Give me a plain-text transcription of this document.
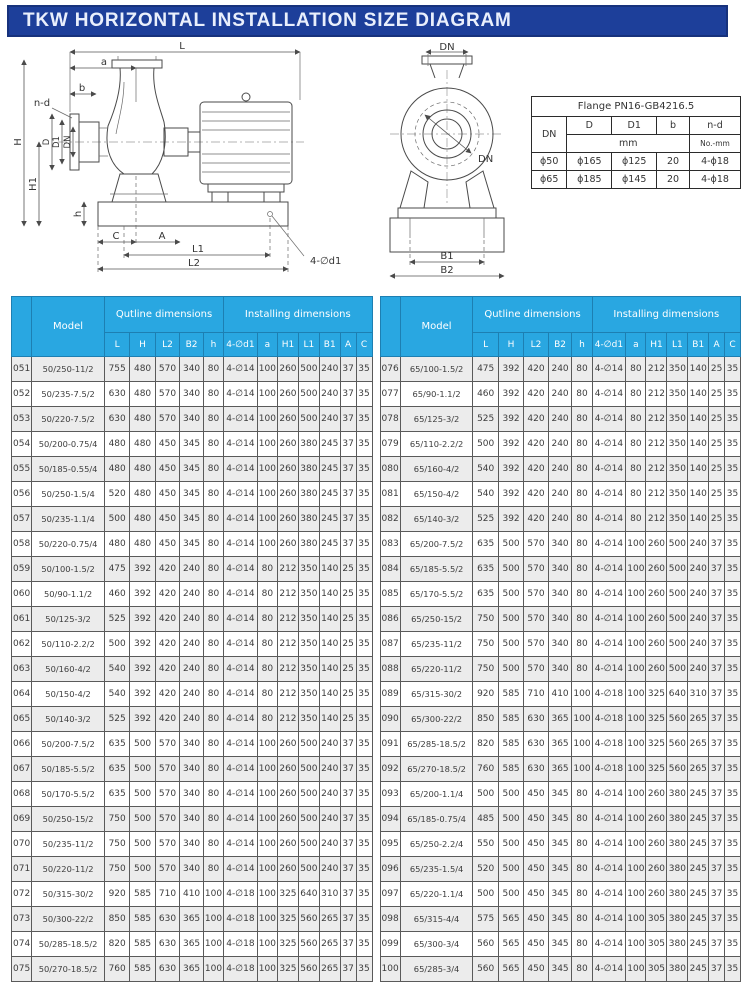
TKW HORIZONTAL INSTALLATION SIZE DIAGRAM
L
a
b
n-d
H
H1
D D1 DN
h
C	A
L1
L2	4-∅d1
DN
DN
B1
B2
Flange PN16-GB4216.5				
DN	D	D1	b	n-d
	mm			No.-mm
ϕ50	ϕ165	ϕ125	20	4-ϕ18
ϕ65	ϕ185	ϕ145	20	4-ϕ18
	Model	Qutline dimensions					Installing dimensions						
		L	H	L2	B2	h	4-∅d1	a	H1	L1	B1	A	C
051	50/250-11/2	755	480	570	340	80	4-∅14	100	260	500	240	37	35
052	50/235-7.5/2	630	480	570	340	80	4-∅14	100	260	500	240	37	35
053	50/220-7.5/2	630	480	570	340	80	4-∅14	100	260	500	240	37	35
054	50/200-0.75/4	480	480	450	345	80	4-∅14	100	260	380	245	37	35
055	50/185-0.55/4	480	480	450	345	80	4-∅14	100	260	380	245	37	35
056	50/250-1.5/4	520	480	450	345	80	4-∅14	100	260	380	245	37	35
057	50/235-1.1/4	500	480	450	345	80	4-∅14	100	260	380	245	37	35
058	50/220-0.75/4	480	480	450	345	80	4-∅14	100	260	380	245	37	35
059	50/100-1.5/2	475	392	420	240	80	4-∅14	80	212	350	140	25	35
060	50/90-1.1/2	460	392	420	240	80	4-∅14	80	212	350	140	25	35
061	50/125-3/2	525	392	420	240	80	4-∅14	80	212	350	140	25	35
062	50/110-2.2/2	500	392	420	240	80	4-∅14	80	212	350	140	25	35
063	50/160-4/2	540	392	420	240	80	4-∅14	80	212	350	140	25	35
064	50/150-4/2	540	392	420	240	80	4-∅14	80	212	350	140	25	35
065	50/140-3/2	525	392	420	240	80	4-∅14	80	212	350	140	25	35
066	50/200-7.5/2	635	500	570	340	80	4-∅14	100	260	500	240	37	35
067	50/185-5.5/2	635	500	570	340	80	4-∅14	100	260	500	240	37	35
068	50/170-5.5/2	635	500	570	340	80	4-∅14	100	260	500	240	37	35
069	50/250-15/2	750	500	570	340	80	4-∅14	100	260	500	240	37	35
070	50/235-11/2	750	500	570	340	80	4-∅14	100	260	500	240	37	35
071	50/220-11/2	750	500	570	340	80	4-∅14	100	260	500	240	37	35
072	50/315-30/2	920	585	710	410	100	4-∅18	100	325	640	310	37	35
073	50/300-22/2	850	585	630	365	100	4-∅18	100	325	560	265	37	35
074	50/285-18.5/2	820	585	630	365	100	4-∅18	100	325	560	265	37	35
075	50/270-18.5/2	760	585	630	365	100	4-∅18	100	325	560	265	37	35
	Model	Qutline dimensions					Installing dimensions						
		L	H	L2	B2	h	4-∅d1	a	H1	L1	B1	A	C
076	65/100-1.5/2	475	392	420	240	80	4-∅14	80	212	350	140	25	35
077	65/90-1.1/2	460	392	420	240	80	4-∅14	80	212	350	140	25	35
078	65/125-3/2	525	392	420	240	80	4-∅14	80	212	350	140	25	35
079	65/110-2.2/2	500	392	420	240	80	4-∅14	80	212	350	140	25	35
080	65/160-4/2	540	392	420	240	80	4-∅14	80	212	350	140	25	35
081	65/150-4/2	540	392	420	240	80	4-∅14	80	212	350	140	25	35
082	65/140-3/2	525	392	420	240	80	4-∅14	80	212	350	140	25	35
083	65/200-7.5/2	635	500	570	340	80	4-∅14	100	260	500	240	37	35
084	65/185-5.5/2	635	500	570	340	80	4-∅14	100	260	500	240	37	35
085	65/170-5.5/2	635	500	570	340	80	4-∅14	100	260	500	240	37	35
086	65/250-15/2	750	500	570	340	80	4-∅14	100	260	500	240	37	35
087	65/235-11/2	750	500	570	340	80	4-∅14	100	260	500	240	37	35
088	65/220-11/2	750	500	570	340	80	4-∅14	100	260	500	240	37	35
089	65/315-30/2	920	585	710	410	100	4-∅18	100	325	640	310	37	35
090	65/300-22/2	850	585	630	365	100	4-∅18	100	325	560	265	37	35
091	65/285-18.5/2	820	585	630	365	100	4-∅18	100	325	560	265	37	35
092	65/270-18.5/2	760	585	630	365	100	4-∅18	100	325	560	265	37	35
093	65/200-1.1/4	500	500	450	345	80	4-∅14	100	260	380	245	37	35
094	65/185-0.75/4	485	500	450	345	80	4-∅14	100	260	380	245	37	35
095	65/250-2.2/4	550	500	450	345	80	4-∅14	100	260	380	245	37	35
096	65/235-1.5/4	520	500	450	345	80	4-∅14	100	260	380	245	37	35
097	65/220-1.1/4	500	500	450	345	80	4-∅14	100	260	380	245	37	35
098	65/315-4/4	575	565	450	345	80	4-∅14	100	305	380	245	37	35
099	65/300-3/4	560	565	450	345	80	4-∅14	100	305	380	245	37	35
100	65/285-3/4	560	565	450	345	80	4-∅14	100	305	380	245	37	35
